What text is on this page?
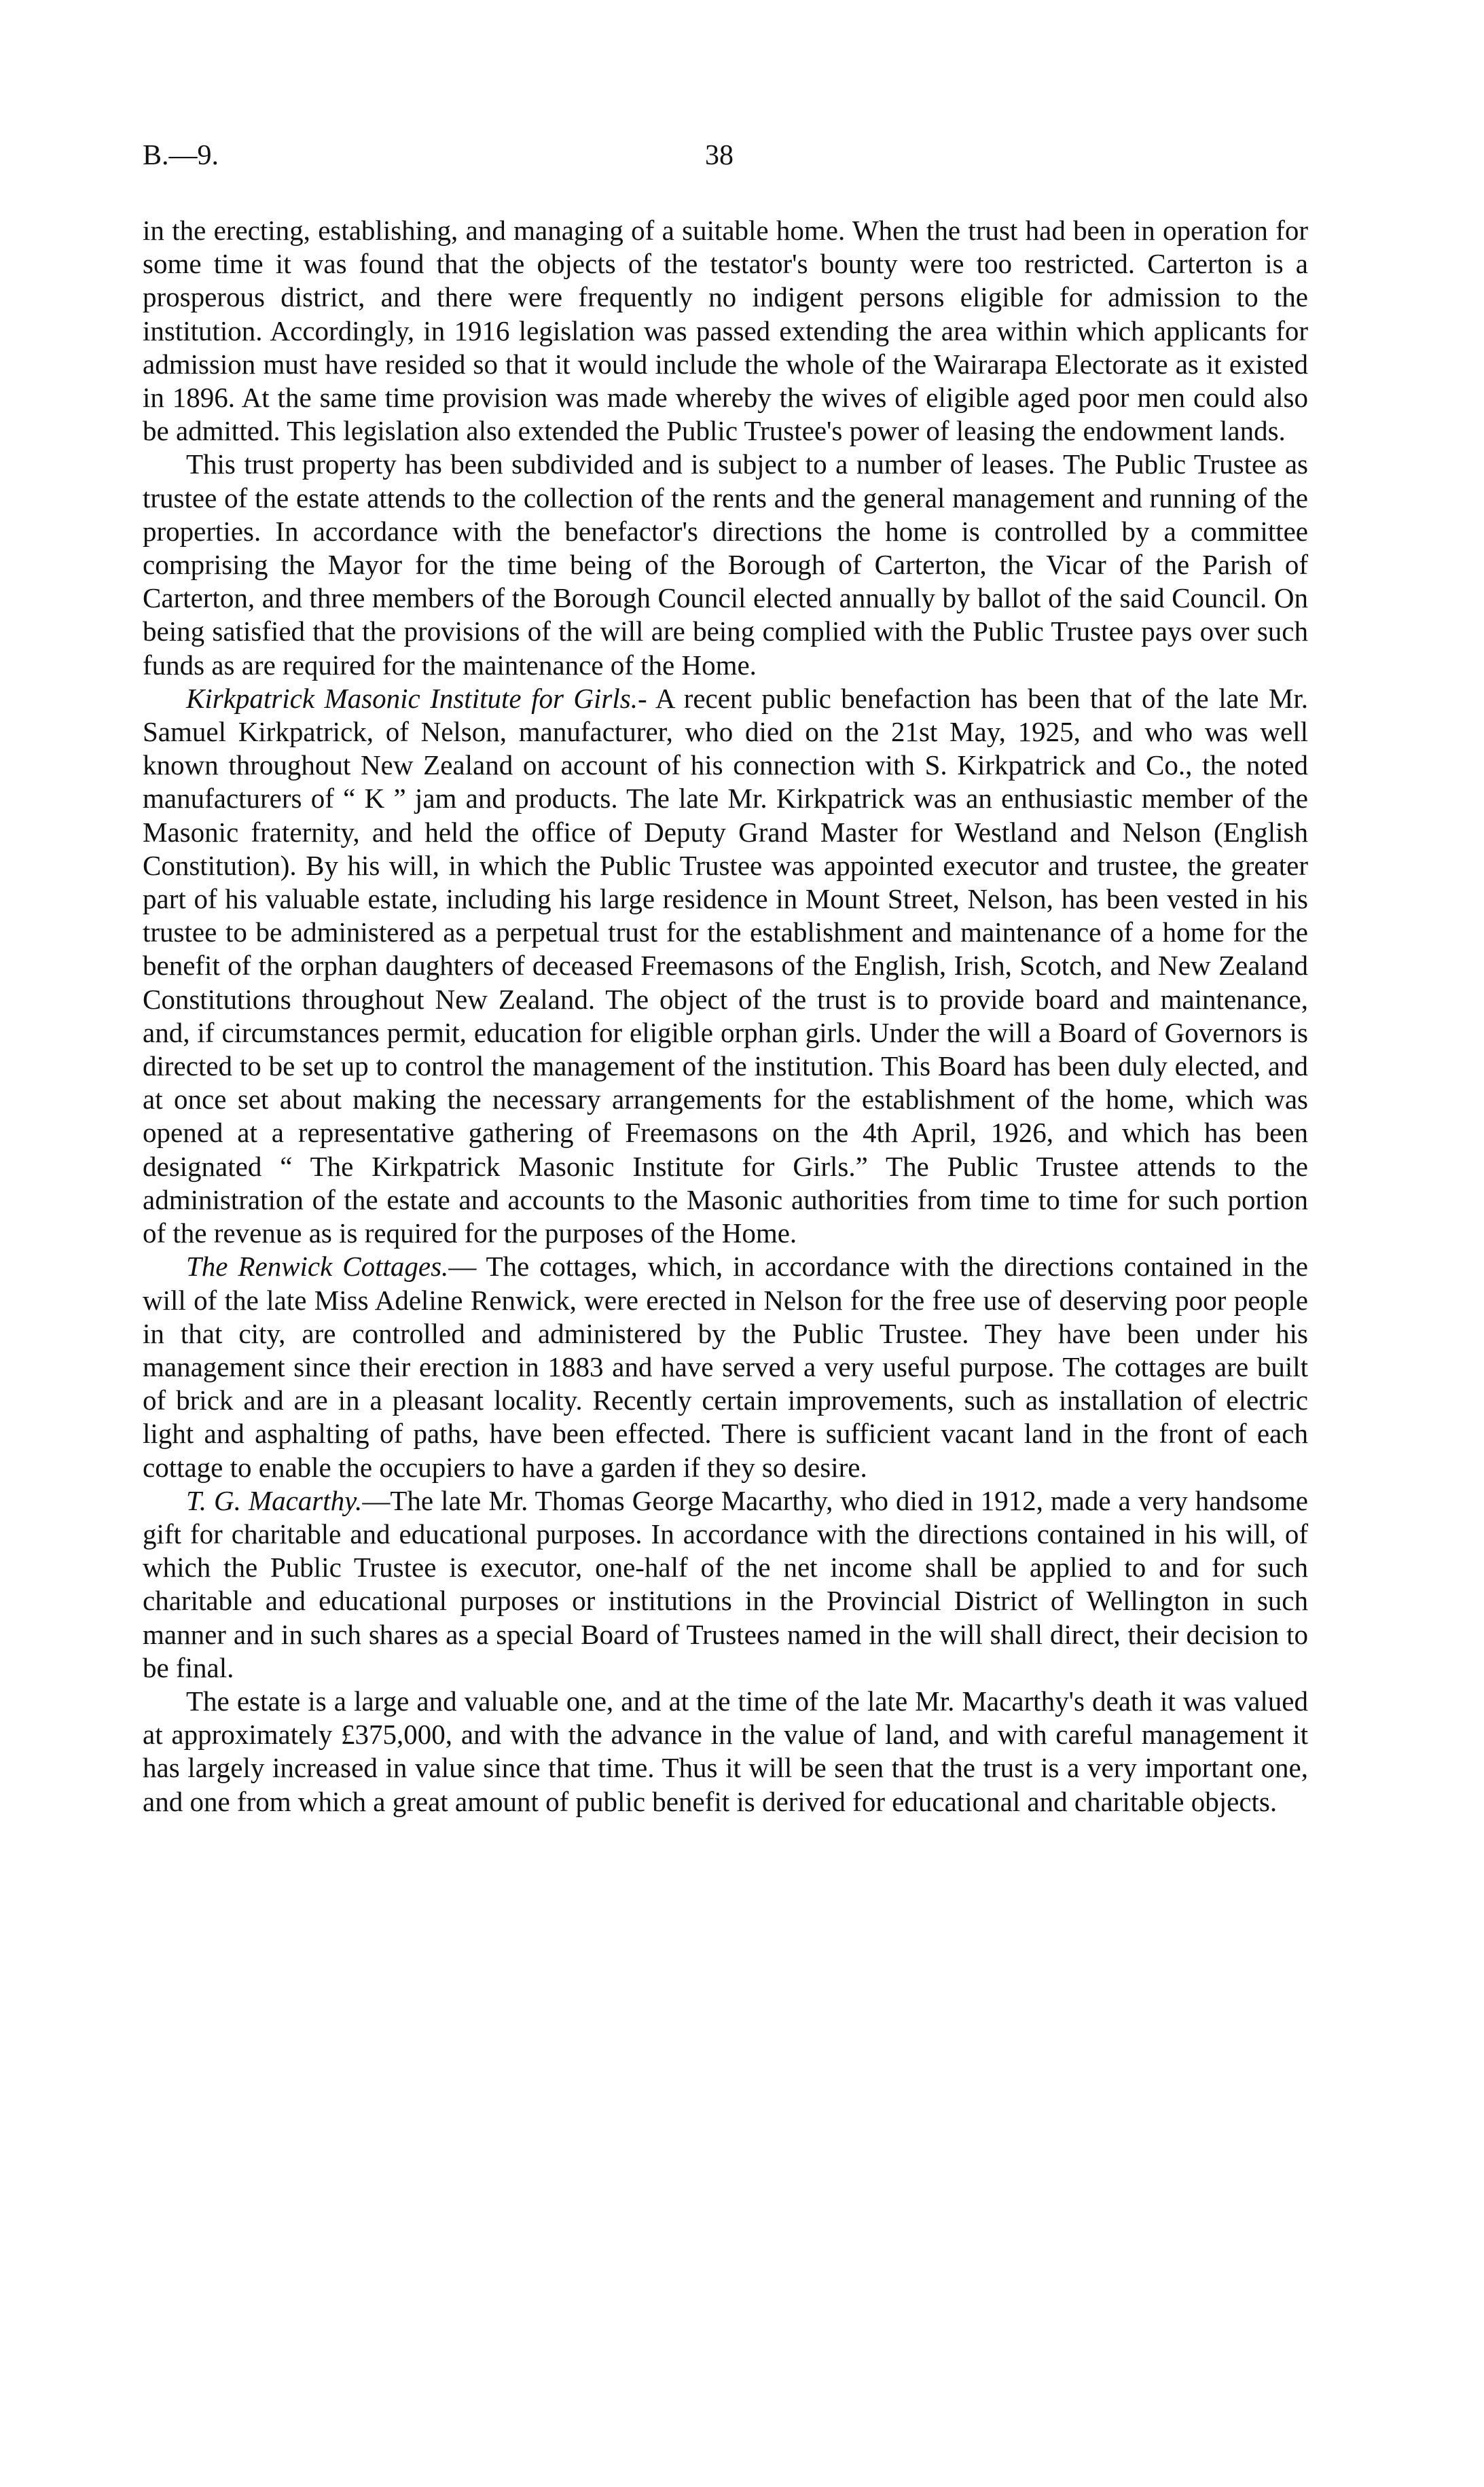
B.—9.	38

in the erecting, establishing, and managing of a suitable home. When the trust had been in operation for some time it was found that the objects of the testator's bounty were too restricted. Carterton is a prosperous district, and there were frequently no indigent persons eligible for admission to the institution. Accordingly, in 1916 legislation was passed extending the area within which applicants for admission must have resided so that it would include the whole of the Wairarapa Electorate as it existed in 1896. At the same time provision was made whereby the wives of eligible aged poor men could also be admitted. This legislation also extended the Public Trustee's power of leasing the endowment lands.

This trust property has been subdivided and is subject to a number of leases. The Public Trustee as trustee of the estate attends to the collection of the rents and the general management and running of the properties. In accordance with the benefactor's directions the home is controlled by a committee comprising the Mayor for the time being of the Borough of Carterton, the Vicar of the Parish of Carterton, and three members of the Borough Council elected annually by ballot of the said Council. On being satisfied that the provisions of the will are being complied with the Public Trustee pays over such funds as are required for the maintenance of the Home.

Kirkpatrick Masonic Institute for Girls.- A recent public benefaction has been that of the late Mr. Samuel Kirkpatrick, of Nelson, manufacturer, who died on the 21st May, 1925, and who was well known throughout New Zealand on account of his connection with S. Kirkpatrick and Co., the noted manufacturers of “ K ” jam and products. The late Mr. Kirkpatrick was an enthusiastic member of the Masonic fraternity, and held the office of Deputy Grand Master for Westland and Nelson (English Constitution). By his will, in which the Public Trustee was appointed executor and trustee, the greater part of his valuable estate, including his large residence in Mount Street, Nelson, has been vested in his trustee to be administered as a perpetual trust for the establishment and maintenance of a home for the benefit of the orphan daughters of deceased Freemasons of the English, Irish, Scotch, and New Zealand Constitutions throughout New Zealand. The object of the trust is to provide board and maintenance, and, if circumstances permit, education for eligible orphan girls. Under the will a Board of Governors is directed to be set up to control the management of the institution. This Board has been duly elected, and at once set about making the necessary arrangements for the establishment of the home, which was opened at a representative gathering of Freemasons on the 4th April, 1926, and which has been designated “ The Kirkpatrick Masonic Institute for Girls.” The Public Trustee attends to the administration of the estate and accounts to the Masonic authorities from time to time for such portion of the revenue as is required for the purposes of the Home.

The Renwick Cottages.— The cottages, which, in accordance with the directions contained in the will of the late Miss Adeline Renwick, were erected in Nelson for the free use of deserving poor people in that city, are controlled and administered by the Public Trustee. They have been under his management since their erection in 1883 and have served a very useful purpose. The cottages are built of brick and are in a pleasant locality. Recently certain improvements, such as installation of electric light and asphalting of paths, have been effected. There is sufficient vacant land in the front of each cottage to enable the occupiers to have a garden if they so desire.

T. G. Macarthy.—The late Mr. Thomas George Macarthy, who died in 1912, made a very handsome gift for charitable and educational purposes. In accordance with the directions contained in his will, of which the Public Trustee is executor, one-half of the net income shall be applied to and for such charitable and educational purposes or institutions in the Provincial District of Wellington in such manner and in such shares as a special Board of Trustees named in the will shall direct, their decision to be final.

The estate is a large and valuable one, and at the time of the late Mr. Macarthy's death it was valued at approximately £375,000, and with the advance in the value of land, and with careful management it has largely increased in value since that time. Thus it will be seen that the trust is a very important one, and one from which a great amount of public benefit is derived for educational and charitable objects.
